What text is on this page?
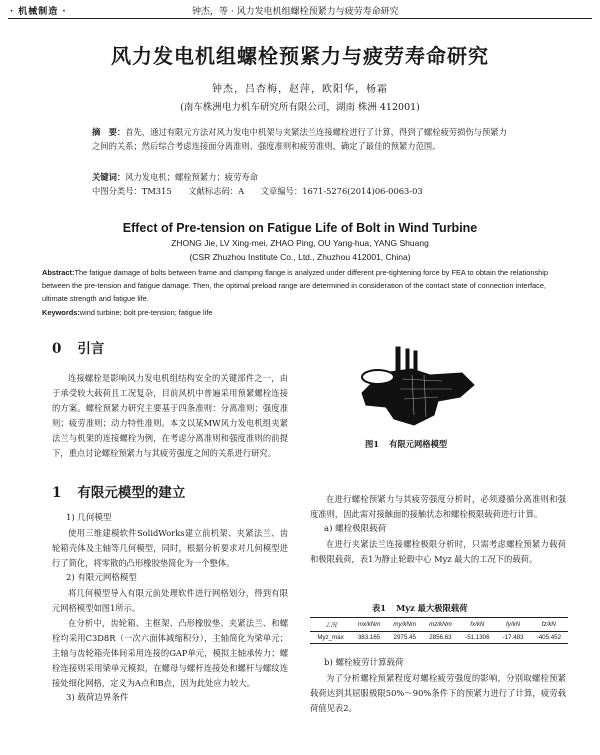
· 机械制造 ·	钟杰，等 · 风力发电机组螺栓预紧力与疲劳寿命研究
风力发电机组螺栓预紧力与疲劳寿命研究
钟杰，吕杏梅，赵萍，欧阳华，杨霜
(南车株洲电力机车研究所有限公司，湖南 株洲 412001)
摘　要：首先，通过有限元方法对风力发电中机架与夹紧法兰连接螺栓进行了计算，得到了螺栓疲劳损伤与预紧力之间的关系；然后综合考虑连接面分离准则、强度准则和疲劳准则，确定了最佳的预紧力范围。
关键词：风力发电机；螺栓预紧力；疲劳寿命
中图分类号：TM315 文献标志码：A 文章编号：1671-5276(2014)06-0063-03
Effect of Pre-tension on Fatigue Life of Bolt in Wind Turbine
ZHONG Jie, LV Xing-mei, ZHAO Ping, OU Yang-hua, YANG Shuang
(CSR Zhuzhou Institute Co., Ltd., Zhuzhou 412001, China)
Abstract:The fatigue damage of bolts between frame and clamping flange is analyzed under different pre-tightening force by FEA to obtain the relationship between the pre-tension and fatigue damage. Then, the optimal preload range are determined in consideration of the contact state of connection interface, ultimate strength and fatigue life.
Keywords:wind turbine; bolt pre-tension; fatigue life
0 引言

连接螺栓是影响风力发电机组结构安全的关键部件之一，由于承受较大载荷且工况复杂，目前风机中普遍采用预紧螺栓连接的方案。螺栓预紧力研究主要基于四条准则：分离准则；强度准则；疲劳准则；动力特性准则。本文以某MW风力发电机组夹紧法兰与机架的连接螺栓为例，在考虑分离准则和强度准则的前提下，重点讨论螺栓预紧力与其疲劳强度之间的关系进行研究。

1 有限元模型的建立

1) 几何模型

使用三维建模软件SolidWorks建立前机架、夹紧法兰、齿轮箱壳体及主轴等几何模型，同时，根据分析要求对几何模型进行了简化，将零散的凸形橡胶垫简化为一个整体。

2) 有限元网格模型

将几何模型导入有限元前处理软件进行网格划分，得到有限元网格模型如图1所示。

在分析中，齿轮箱、主框架、凸形橡胶垫、夹紧法兰、和螺栓均采用C3D8R（一次六面体减缩积分），主轴简化为梁单元；主轴与齿轮箱壳体间采用连接的GAP单元，模拟主轴承传力；螺栓连接则采用梁单元模拟，在螺母与螺杆连接处和螺杆与螺纹连接处细化网格，定义为A点和B点，因为此处应力较大。

3) 载荷边界条件

图1 有限元网格模型

在进行螺栓预紧力与其疲劳强度分析时，必须遵循分离准则和强度准则，因此需对接触面的接触状态和螺栓极限载荷进行计算。

a) 螺栓极限载荷

在进行夹紧法兰连接螺栓极限分析时，只需考虑螺栓预紧力载荷和极限载荷，表1为静止轮毂中心 Myz 最大的工况下的载荷。

表1 Myz 最大极限载荷
工况	mx/kNm	my/kNm	mz/kNm	fx/kN	fy/kN	fz/kN
Myz_max	383.165	2975.45	2856.63	-51.1306	-17.483	-405.452

b) 螺栓疲劳计算载荷

为了分析螺栓预紧程度对螺栓疲劳强度的影响，分别取螺栓预紧载荷达到其屈服极限50%～90%条件下的预紧力进行了计算，疲劳载荷值见表2。
